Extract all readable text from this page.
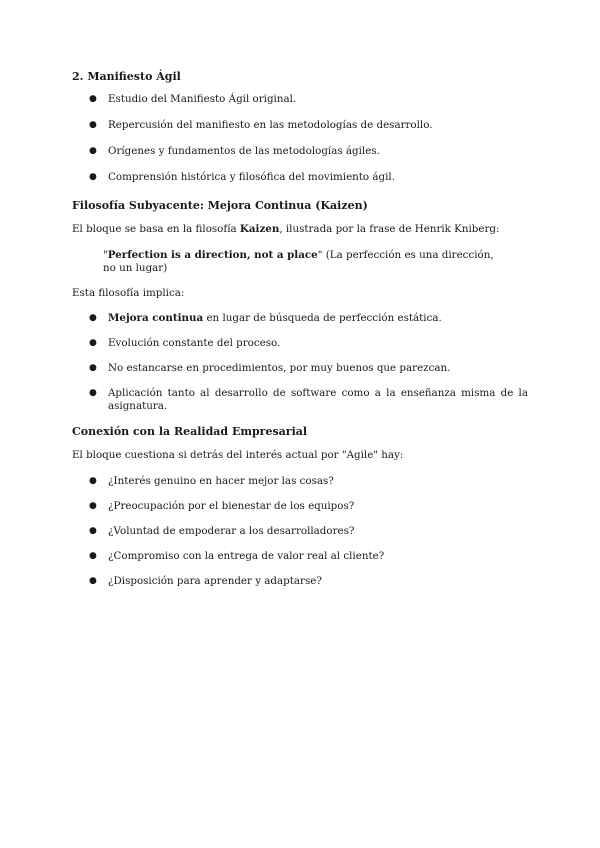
2. Manifiesto Ágil
● Estudio del Manifiesto Ágil original.
● Repercusión del manifiesto en las metodologías de desarrollo.
● Orígenes y fundamentos de las metodologías ágiles.
● Comprensión histórica y filosófica del movimiento ágil.
Filosofía Subyacente: Mejora Continua (Kaizen)

El bloque se basa en la filosofía Kaizen, ilustrada por la frase de Henrik Kniberg:

"Perfection is a direction, not a place" (La perfección es una dirección, no un lugar)

Esta filosofía implica:

● Mejora continua en lugar de búsqueda de perfección estática.
● Evolución constante del proceso.
● No estancarse en procedimientos, por muy buenos que parezcan.
● Aplicación tanto al desarrollo de software como a la enseñanza misma de la asignatura.
Conexión con la Realidad Empresarial

El bloque cuestiona si detrás del interés actual por "Agile" hay:

● ¿Interés genuino en hacer mejor las cosas?
● ¿Preocupación por el bienestar de los equipos?
● ¿Voluntad de empoderar a los desarrolladores?
● ¿Compromiso con la entrega de valor real al cliente?
● ¿Disposición para aprender y adaptarse?
